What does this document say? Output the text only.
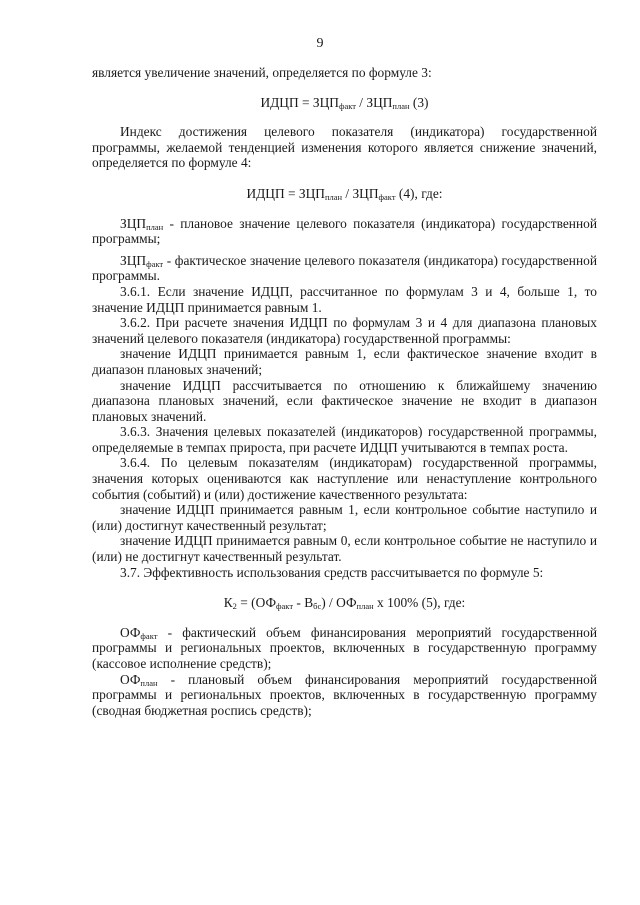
9

является увеличение значений, определяется по формуле 3:

ИДЦП = $ЗЦП_{факт} / ЗЦП_{план}$ (3)

Индекс достижения целевого показателя (индикатора) государственной программы, желаемой тенденцией изменения которого является снижение значений, определяется по формуле 4:

ИДЦП = $ЗЦП_{план} / ЗЦП_{факт}$ (4), где:

$ЗЦП_{план}$ - плановое значение целевого показателя (индикатора) государственной программы;

$ЗЦП_{факт}$ - фактическое значение целевого показателя (индикатора) государственной программы.

3.6.1. Если значение ИДЦП, рассчитанное по формулам 3 и 4, больше 1, то значение ИДЦП принимается равным 1.

3.6.2. При расчете значения ИДЦП по формулам 3 и 4 для диапазона плановых значений целевого показателя (индикатора) государственной программы:

значение ИДЦП принимается равным 1, если фактическое значение входит в диапазон плановых значений;

значение ИДЦП рассчитывается по отношению к ближайшему значению диапазона плановых значений, если фактическое значение не входит в диапазон плановых значений.

3.6.3. Значения целевых показателей (индикаторов) государственной программы, определяемые в темпах прироста, при расчете ИДЦП учитываются в темпах роста.

3.6.4. По целевым показателям (индикаторам) государственной программы, значения которых оцениваются как наступление или ненаступление контрольного события (событий) и (или) достижение качественного результата:

значение ИДЦП принимается равным 1, если контрольное событие наступило и (или) достигнут качественный результат;

значение ИДЦП принимается равным 0, если контрольное событие не наступило и (или) не достигнут качественный результат.

3.7. Эффективность использования средств рассчитывается по формуле 5:

$К_2 = (ОФ_{факт} - В_{бс}) / ОФ_{план}$ x 100% (5), где:

$ОФ_{факт}$ - фактический объем финансирования мероприятий государственной программы и региональных проектов, включенных в государственную программу (кассовое исполнение средств);

$ОФ_{план}$ - плановый объем финансирования мероприятий государственной программы и региональных проектов, включенных в государственную программу (сводная бюджетная роспись средств);
